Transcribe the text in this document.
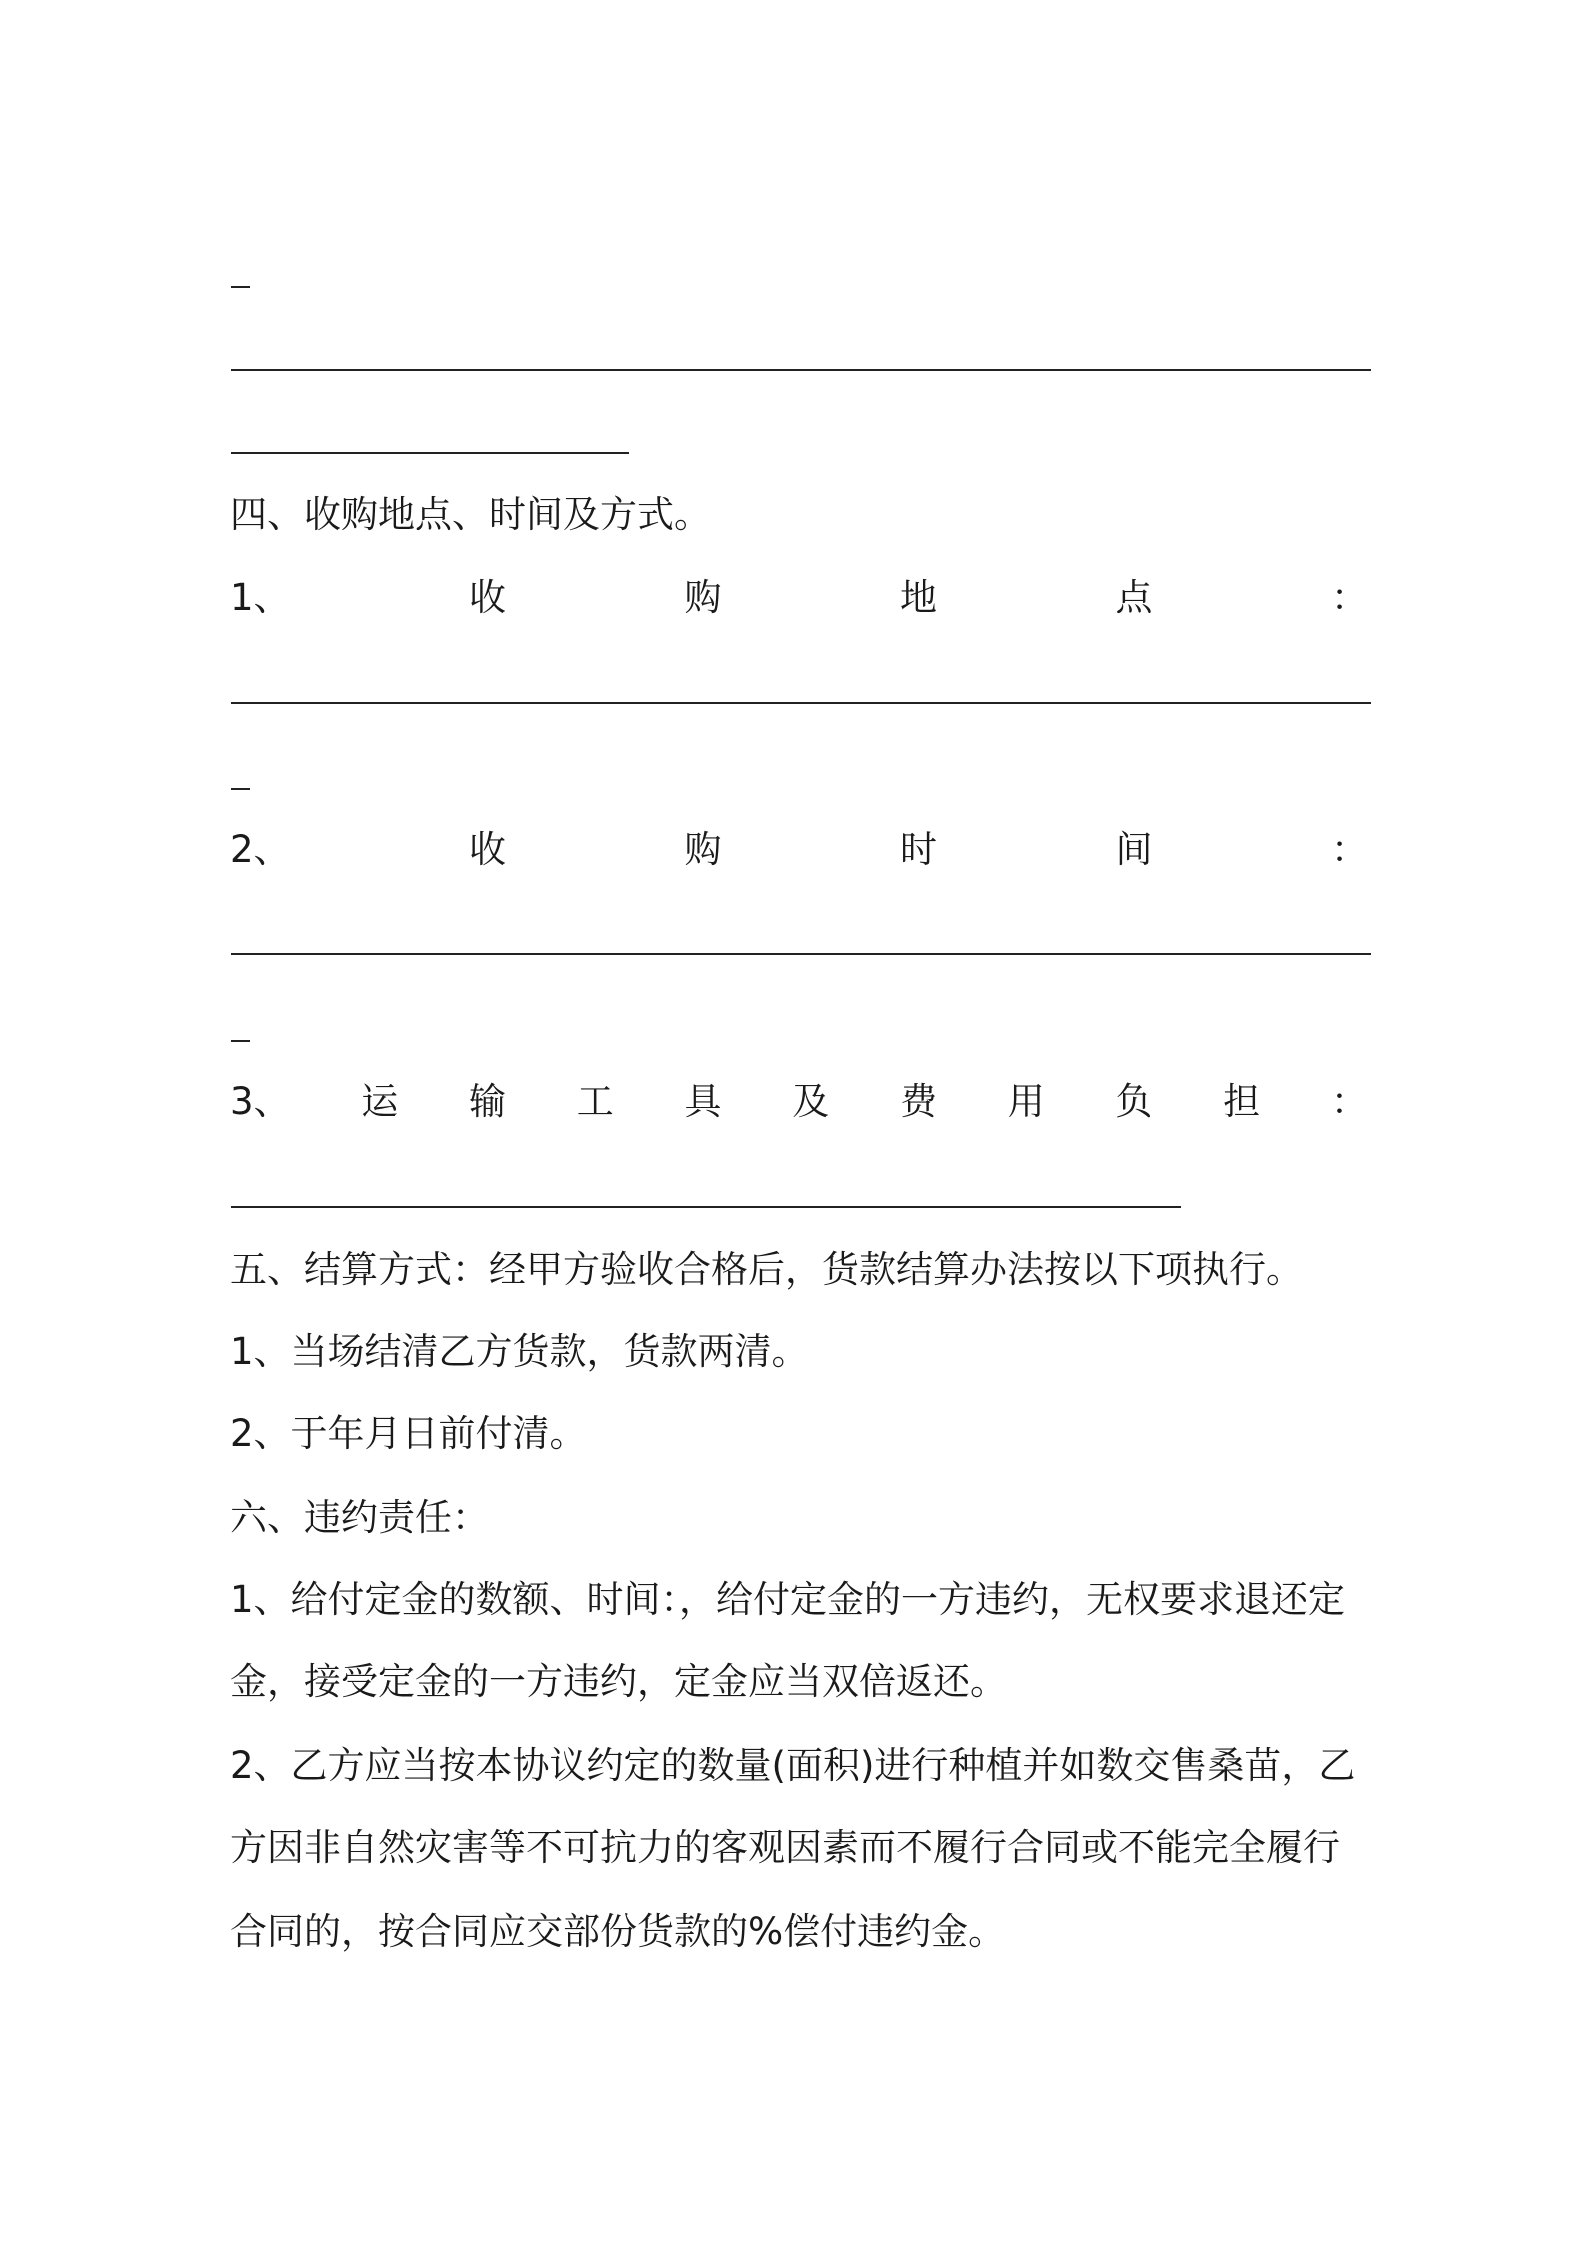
四、收购地点、时间及方式。
1、	收	购	地	点	：
2、	收	购	时	间	：
3、 运 输 工 具 及 费 用 负 担 ：
五、结算方式：经甲方验收合格后，货款结算办法按以下项执行。
1、当场结清乙方货款，货款两清。
2、于年月日前付清。
六、违约责任：
1、给付定金的数额、时间：，给付定金的一方违约，无权要求退还定
金，接受定金的一方违约，定金应当双倍返还。
2、乙方应当按本协议约定的数量(面积)进行种植并如数交售桑苗，乙
方因非自然灾害等不可抗力的客观因素而不履行合同或不能完全履行
合同的，按合同应交部份货款的%偿付违约金。
